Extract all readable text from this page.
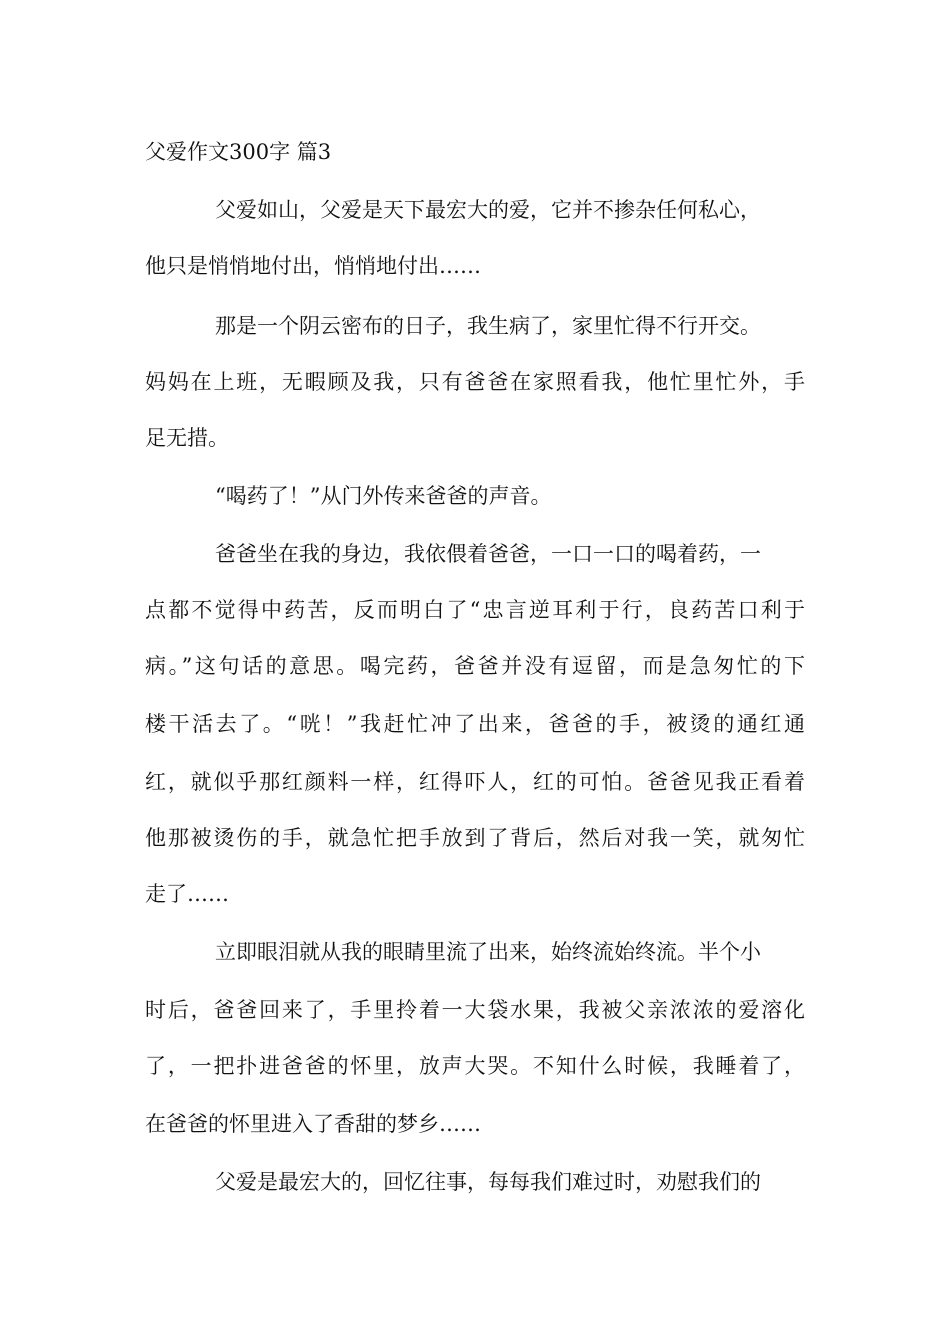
父爱作文300字 篇3

父爱如山，父爱是天下最宏大的爱，它并不掺杂任何私心，

他只是悄悄地付出，悄悄地付出……

那是一个阴云密布的日子，我生病了，家里忙得不行开交。

妈妈在上班，无暇顾及我，只有爸爸在家照看我，他忙里忙外，手

足无措。

“喝药了！”从门外传来爸爸的声音。

爸爸坐在我的身边，我依偎着爸爸，一口一口的喝着药，一

点都不觉得中药苦，反而明白了“忠言逆耳利于行，良药苦口利于

病。”这句话的意思。喝完药，爸爸并没有逗留，而是急匆忙的下

楼干活去了。“咣！”我赶忙冲了出来，爸爸的手，被烫的通红通

红，就似乎那红颜料一样，红得吓人，红的可怕。爸爸见我正看着

他那被烫伤的手，就急忙把手放到了背后，然后对我一笑，就匆忙

走了……

立即眼泪就从我的眼睛里流了出来，始终流始终流。半个小

时后，爸爸回来了，手里拎着一大袋水果，我被父亲浓浓的爱溶化

了，一把扑进爸爸的怀里，放声大哭。不知什么时候，我睡着了，

在爸爸的怀里进入了香甜的梦乡……

父爱是最宏大的，回忆往事，每每我们难过时，劝慰我们的
